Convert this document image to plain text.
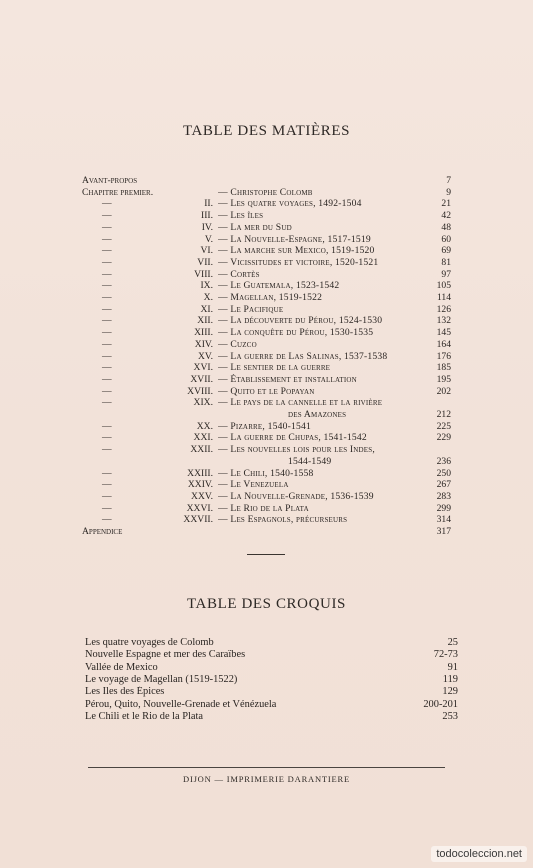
TABLE DES MATIÈRES
Avant-propos	7
Chapitre premier.	— Christophe Colomb	9
—	II. — Les quatre voyages, 1492-1504	21
—	III. — Les îles	42
—	IV. — La mer du Sud	48
—	V. — La Nouvelle-Espagne, 1517-1519	60
—	VI. — La marche sur Mexico, 1519-1520	69
—	VII. — Vicissitudes et victoire, 1520-1521	81
—	VIII. — Cortès	97
—	IX. — Le Guatemala, 1523-1542	105
—	X. — Magellan, 1519-1522	114
—	XI. — Le Pacifique	126
—	XII. — La découverte du Pérou, 1524-1530	132
—	XIII. — La conquête du Pérou, 1530-1535	145
—	XIV. — Cuzco	164
—	XV. — La guerre de Las Salinas, 1537-1538	176
—	XVI. — Le sentier de la guerre	185
—	XVII. — Établissement et installation	195
—	XVIII. — Quito et le Popayan	202
—	XIX. — Le pays de la cannelle et la rivière
des Amazones	212
—	XX. — Pizarre, 1540-1541	225
—	XXI. — La guerre de Chupas, 1541-1542	229
—	XXII. — Les nouvelles lois pour les Indes,
1544-1549	236
—	XXIII. — Le Chili, 1540-1558	250
—	XXIV. — Le Venezuela	267
—	XXV. — La Nouvelle-Grenade, 1536-1539	283
—	XXVI. — Le Rio de la Plata	299
—	XXVII. — Les Espagnols, précurseurs	314
Appendice	317
TABLE DES CROQUIS
Les quatre voyages de Colomb	25
Nouvelle Espagne et mer des Caraïbes	72-73
Vallée de Mexico	91
Le voyage de Magellan (1519-1522)	119
Les Iles des Épices	129
Pérou, Quito, Nouvelle-Grenade et Vénézuela	200-201
Le Chili et le Rio de la Plata	253
DIJON — IMPRIMERIE DARANTIERE
todocoleccion.net
